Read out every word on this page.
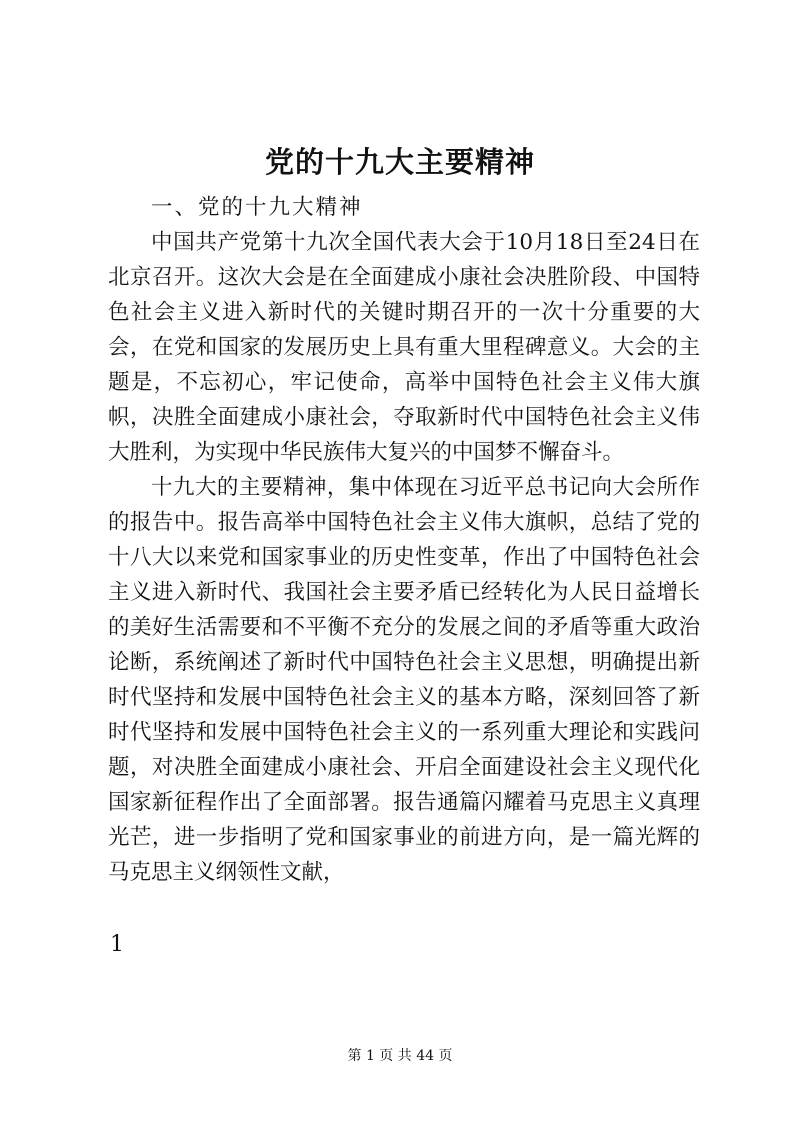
党的十九大主要精神

一、党的十九大精神

中国共产党第十九次全国代表大会于10月18日至24日在北京召开。这次大会是在全面建成小康社会决胜阶段、中国特色社会主义进入新时代的关键时期召开的一次十分重要的大会，在党和国家的发展历史上具有重大里程碑意义。大会的主题是，不忘初心，牢记使命，高举中国特色社会主义伟大旗帜，决胜全面建成小康社会，夺取新时代中国特色社会主义伟大胜利，为实现中华民族伟大复兴的中国梦不懈奋斗。

十九大的主要精神，集中体现在习近平总书记向大会所作的报告中。报告高举中国特色社会主义伟大旗帜，总结了党的十八大以来党和国家事业的历史性变革，作出了中国特色社会主义进入新时代、我国社会主要矛盾已经转化为人民日益增长的美好生活需要和不平衡不充分的发展之间的矛盾等重大政治论断，系统阐述了新时代中国特色社会主义思想，明确提出新时代坚持和发展中国特色社会主义的基本方略，深刻回答了新时代坚持和发展中国特色社会主义的一系列重大理论和实践问题，对决胜全面建成小康社会、开启全面建设社会主义现代化国家新征程作出了全面部署。报告通篇闪耀着马克思主义真理光芒，进一步指明了党和国家事业的前进方向，是一篇光辉的马克思主义纲领性文献，

1
第 1 页 共 44 页
